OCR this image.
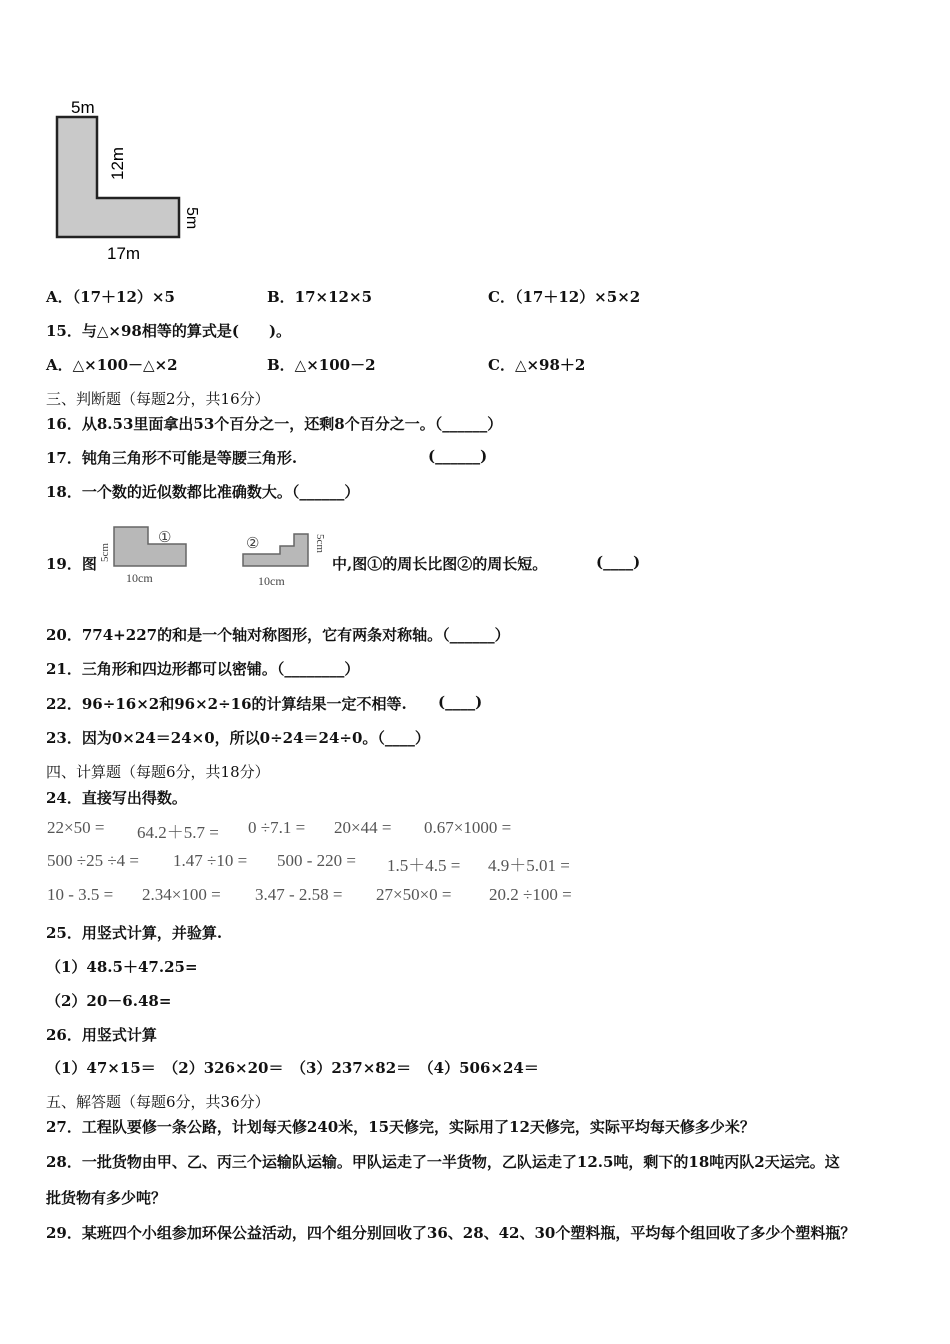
5m
12m
5m
17m
A．（17＋12）×5	B．17×12×5	C．（17＋12）×5×2
15．与△×98相等的算式是(　　)。
A．△×100－△×2	B．△×100－2	C．△×98＋2
三、判断题（每题2分，共16分）
16．从8.53里面拿出53个百分之一，还剩8个百分之一。（______）
17．钝角三角形不可能是等腰三角形.	(______)
18．一个数的近似数都比准确数大。（______）
19．图
5cm
①
10cm
②	5cm
10cm
中,图①的周长比图②的周长短。	(____)
20．774+227的和是一个轴对称图形，它有两条对称轴。（______）
21．三角形和四边形都可以密铺。（________）
22．96÷16×2和96×2÷16的计算结果一定不相等. (____)
23．因为0×24＝24×0，所以0÷24＝24÷0。（____）
四、计算题（每题6分，共18分）
24．直接写出得数。
22×50 = 64.2＋5.7 = 0 ÷7.1 = 20×44 = 0.67×1000 =
500 ÷25 ÷4 = 1.47 ÷10 = 500 - 220 = 1.5＋4.5 = 4.9＋5.01 =
10 - 3.5 = 2.34×100 = 3.47 - 2.58 = 27×50×0 = 20.2 ÷100 =
25．用竖式计算，并验算.
（1）48.5＋47.25=
（2）20－6.48=
26．用竖式计算
（1）47×15＝　（2）326×20＝　（3）237×82＝　（4）506×24＝
五、解答题（每题6分，共36分）
27．工程队要修一条公路，计划每天修240米，15天修完，实际用了12天修完，实际平均每天修多少米？
28．一批货物由甲、乙、丙三个运输队运输。甲队运走了一半货物，乙队运走了12.5吨，剩下的18吨丙队2天运完。这
批货物有多少吨？
29．某班四个小组参加环保公益活动，四个组分别回收了36、28、42、30个塑料瓶，平均每个组回收了多少个塑料瓶？
